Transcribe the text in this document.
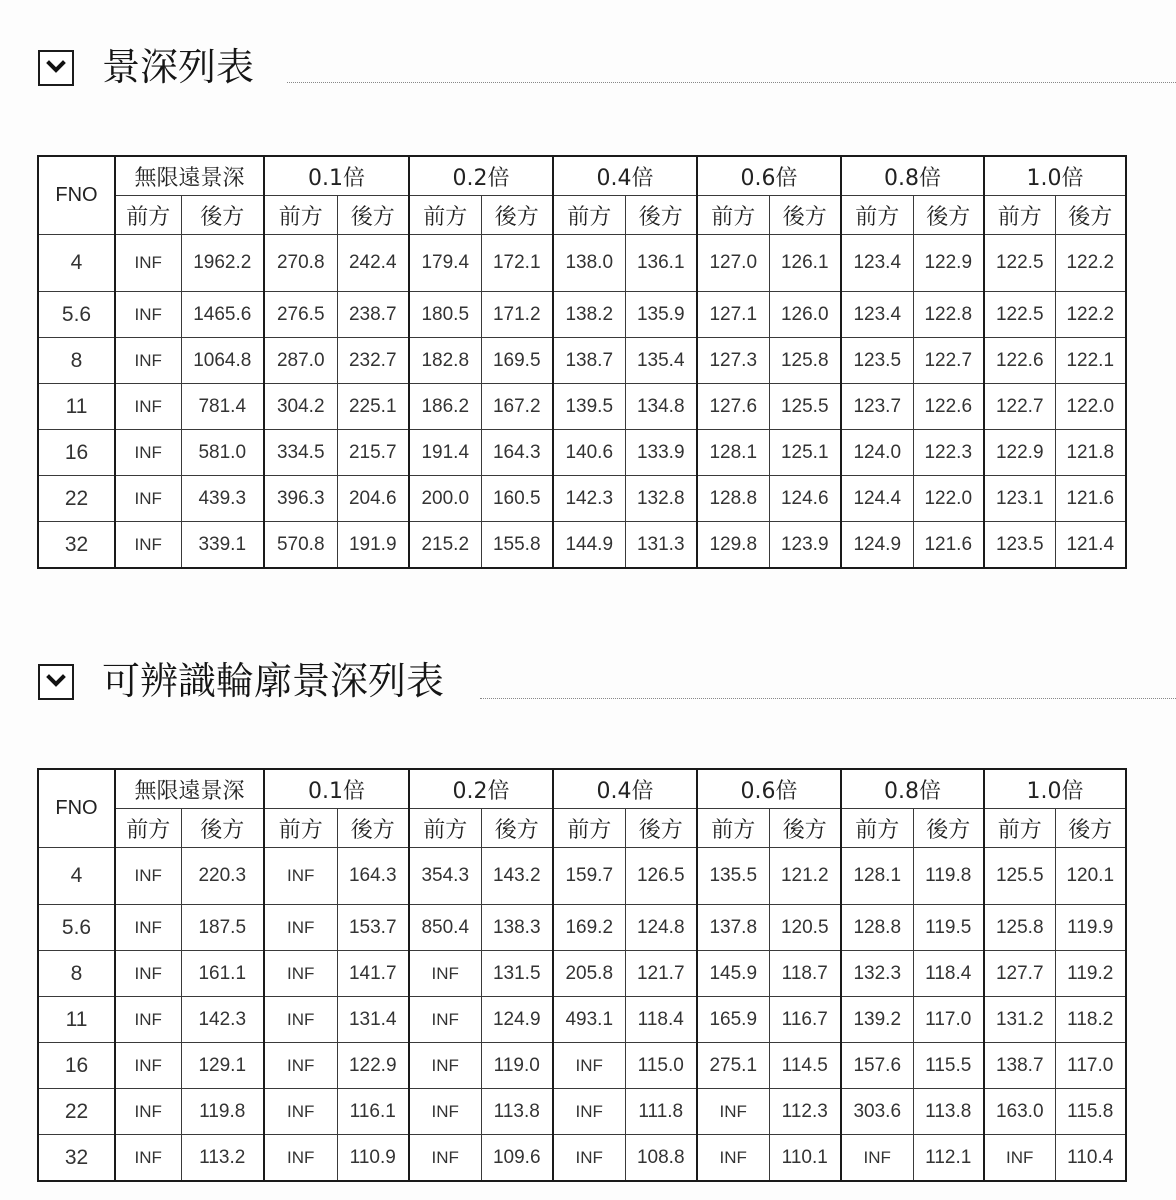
景深列表
FNO	無限遠景深		0.1倍		0.2倍		0.4倍		0.6倍		0.8倍		1.0倍	
	前方	後方	前方	後方	前方	後方	前方	後方	前方	後方	前方	後方	前方	後方
4	INF	1962.2	270.8	242.4	179.4	172.1	138.0	136.1	127.0	126.1	123.4	122.9	122.5	122.2
5.6	INF	1465.6	276.5	238.7	180.5	171.2	138.2	135.9	127.1	126.0	123.4	122.8	122.5	122.2
8	INF	1064.8	287.0	232.7	182.8	169.5	138.7	135.4	127.3	125.8	123.5	122.7	122.6	122.1
11	INF	781.4	304.2	225.1	186.2	167.2	139.5	134.8	127.6	125.5	123.7	122.6	122.7	122.0
16	INF	581.0	334.5	215.7	191.4	164.3	140.6	133.9	128.1	125.1	124.0	122.3	122.9	121.8
22	INF	439.3	396.3	204.6	200.0	160.5	142.3	132.8	128.8	124.6	124.4	122.0	123.1	121.6
32	INF	339.1	570.8	191.9	215.2	155.8	144.9	131.3	129.8	123.9	124.9	121.6	123.5	121.4
可辨識輪廓景深列表
FNO	無限遠景深		0.1倍		0.2倍		0.4倍		0.6倍		0.8倍		1.0倍	
	前方	後方	前方	後方	前方	後方	前方	後方	前方	後方	前方	後方	前方	後方
4	INF	220.3	INF	164.3	354.3	143.2	159.7	126.5	135.5	121.2	128.1	119.8	125.5	120.1
5.6	INF	187.5	INF	153.7	850.4	138.3	169.2	124.8	137.8	120.5	128.8	119.5	125.8	119.9
8	INF	161.1	INF	141.7	INF	131.5	205.8	121.7	145.9	118.7	132.3	118.4	127.7	119.2
11	INF	142.3	INF	131.4	INF	124.9	493.1	118.4	165.9	116.7	139.2	117.0	131.2	118.2
16	INF	129.1	INF	122.9	INF	119.0	INF	115.0	275.1	114.5	157.6	115.5	138.7	117.0
22	INF	119.8	INF	116.1	INF	113.8	INF	111.8	INF	112.3	303.6	113.8	163.0	115.8
32	INF	113.2	INF	110.9	INF	109.6	INF	108.8	INF	110.1	INF	112.1	INF	110.4
